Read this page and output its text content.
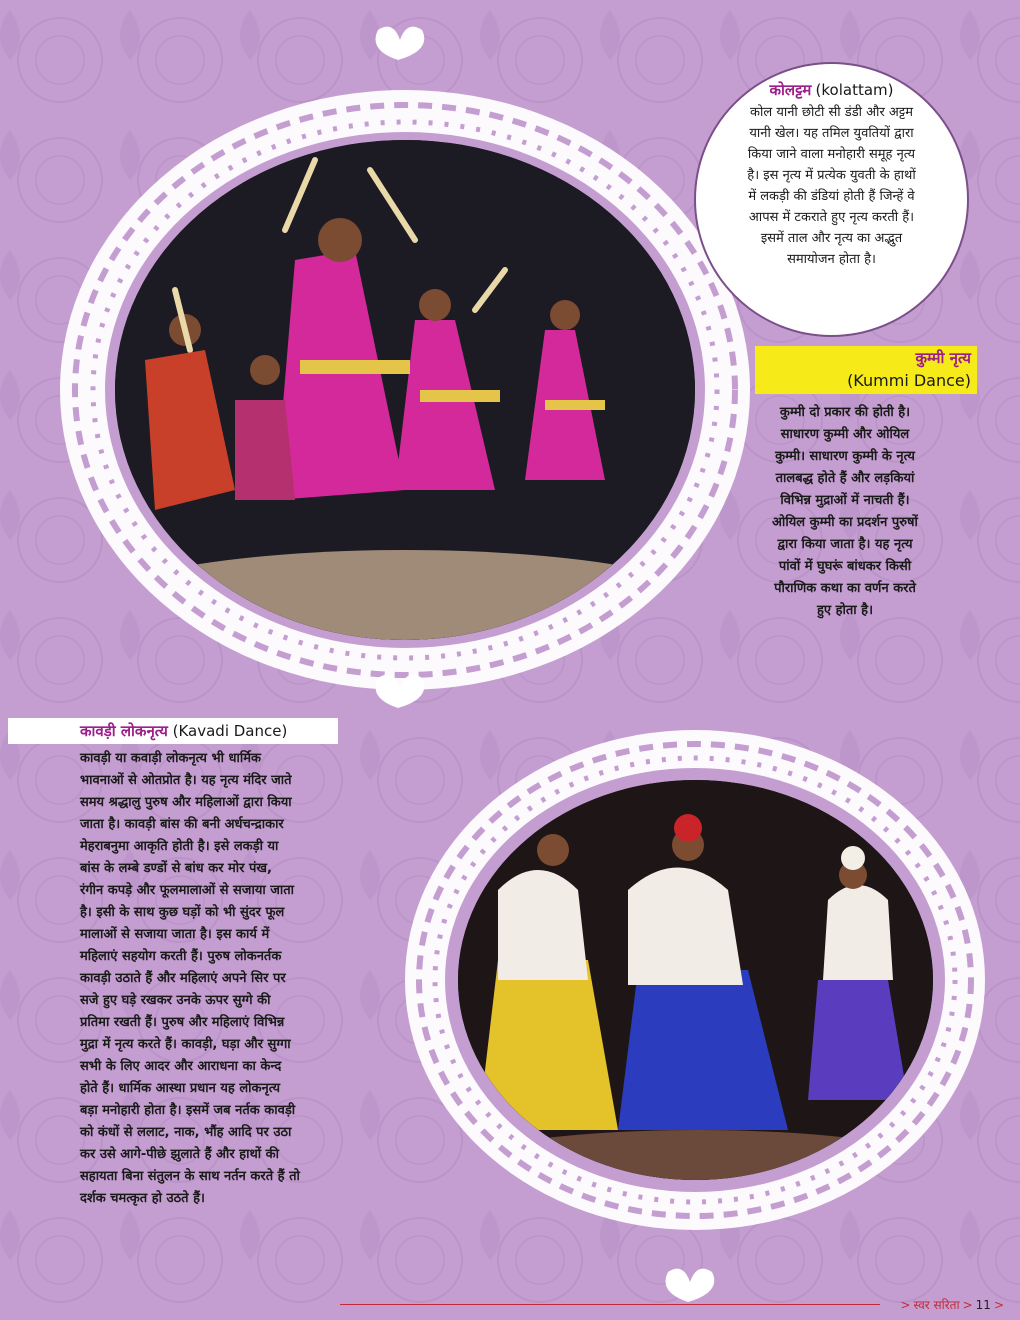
कोलट्टम (kolattam)
कोल यानी छोटी सी डंडी और अट्टम
यानी खेल। यह तमिल युवतियों द्वारा
किया जाने वाला मनोहारी समूह नृत्य
है। इस नृत्य में प्रत्येक युवती के हाथों
में लकड़ी की डंडियां होती हैं जिन्हें वे
आपस में टकराते हुए नृत्य करती हैं।
इसमें ताल और नृत्य का अद्भुत
समायोजन होता है।
कुम्मी नृत्य
(Kummi Dance)
कुम्मी दो प्रकार की होती है।
साधारण कुम्मी और ओयिल
कुम्मी। साधारण कुम्मी के नृत्य
तालबद्ध होते हैं और लड़कियां
विभिन्न मुद्राओं में नाचती हैं।
ओयिल कुम्मी का प्रदर्शन पुरुषों
द्वारा किया जाता है। यह नृत्य
पांवों में घुघरूं बांधकर किसी
पौराणिक कथा का वर्णन करते
हुए होता है।
कावड़ी लोकनृत्य (Kavadi Dance)
कावड़ी या कवाड़ी लोकनृत्य भी धार्मिक
भावनाओं से ओतप्रोत है। यह नृत्य मंदिर जाते
समय श्रद्धालु पुरुष और महिलाओं द्वारा किया
जाता है। कावड़ी बांस की बनी अर्धचन्द्राकार
मेहराबनुमा आकृति होती है। इसे लकड़ी या
बांस के लम्बे डण्डों से बांध कर मोर पंख,
रंगीन कपड़े और फूलमालाओं से सजाया जाता
है। इसी के साथ कुछ घड़ों को भी सुंदर फूल
मालाओं से सजाया जाता है। इस कार्य में
महिलाएं सहयोग करती हैं। पुरुष लोकनर्तक
कावड़ी उठाते हैं और महिलाएं अपने सिर पर
सजे हुए घड़े रखकर उनके ऊपर सुग्गे की
प्रतिमा रखती हैं। पुरुष और महिलाएं विभिन्न
मुद्रा में नृत्य करते हैं। कावड़ी, घड़ा और सुग्गा
सभी के लिए आदर और आराधना का केन्द
होते हैं। धार्मिक आस्था प्रधान यह लोकनृत्य
बड़ा मनोहारी होता है। इसमें जब नर्तक कावड़ी
को कंधों से ललाट, नाक, भौंह आदि पर उठा
कर उसे आगे-पीछे झुलाते हैं और हाथों की
सहायता बिना संतुलन के साथ नर्तन करते हैं तो
दर्शक चमत्कृत हो उठते हैं।
> स्वर सरिता > 11 >
